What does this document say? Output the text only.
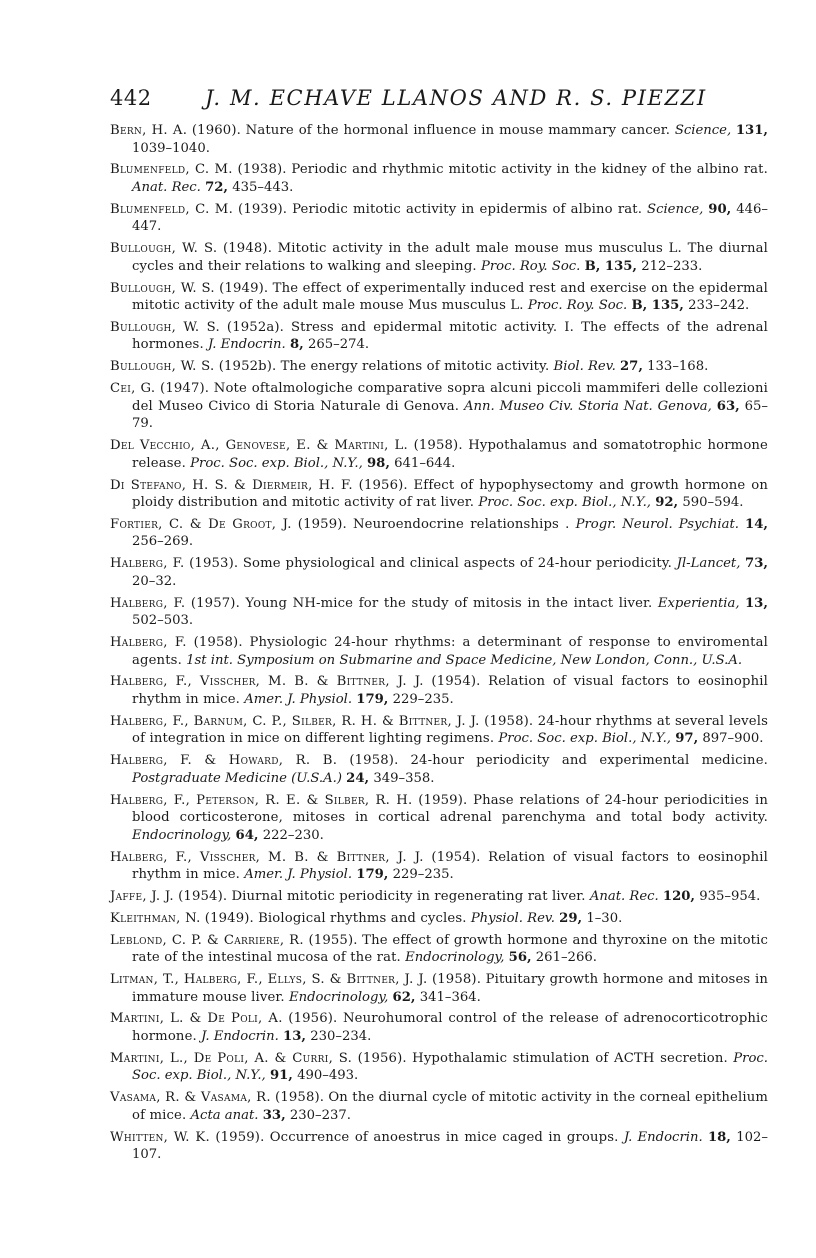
442	J. M. ECHAVE LLANOS AND R. S. PIEZZI
Bern, H. A. (1960). Nature of the hormonal influence in mouse mammary cancer. Science, 131, 1039–1040.
Blumenfeld, C. M. (1938). Periodic and rhythmic mitotic activity in the kidney of the albino rat. Anat. Rec. 72, 435–443.
Blumenfeld, C. M. (1939). Periodic mitotic activity in epidermis of albino rat. Science, 90, 446–447.
Bullough, W. S. (1948). Mitotic activity in the adult male mouse mus musculus L. The diurnal cycles and their relations to walking and sleeping. Proc. Roy. Soc. B, 135, 212–233.
Bullough, W. S. (1949). The effect of experimentally induced rest and exercise on the epidermal mitotic activity of the adult male mouse Mus musculus L. Proc. Roy. Soc. B, 135, 233–242.
Bullough, W. S. (1952a). Stress and epidermal mitotic activity. I. The effects of the adrenal hormones. J. Endocrin. 8, 265–274.
Bullough, W. S. (1952b). The energy relations of mitotic activity. Biol. Rev. 27, 133–168.
Cei, G. (1947). Note oftalmologiche comparative sopra alcuni piccoli mammiferi delle collezioni del Museo Civico di Storia Naturale di Genova. Ann. Museo Civ. Storia Nat. Genova, 63, 65–79.
Del Vecchio, A., Genovese, E. & Martini, L. (1958). Hypothalamus and somatotrophic hormone release. Proc. Soc. exp. Biol., N.Y., 98, 641–644.
Di Stefano, H. S. & Diermeir, H. F. (1956). Effect of hypophysectomy and growth hormone on ploidy distribution and mitotic activity of rat liver. Proc. Soc. exp. Biol., N.Y., 92, 590–594.
Fortier, C. & De Groot, J. (1959). Neuroendocrine relationships . Progr. Neurol. Psychiat. 14, 256–269.
Halberg, F. (1953). Some physiological and clinical aspects of 24-hour periodicity. Jl-Lancet, 73, 20–32.
Halberg, F. (1957). Young NH-mice for the study of mitosis in the intact liver. Experientia, 13, 502–503.
Halberg, F. (1958). Physiologic 24-hour rhythms: a determinant of response to enviromental agents. 1st int. Symposium on Submarine and Space Medicine, New London, Conn., U.S.A.
Halberg, F., Visscher, M. B. & Bittner, J. J. (1954). Relation of visual factors to eosinophil rhythm in mice. Amer. J. Physiol. 179, 229–235.
Halberg, F., Barnum, C. P., Silber, R. H. & Bittner, J. J. (1958). 24-hour rhythms at several levels of integration in mice on different lighting regimens. Proc. Soc. exp. Biol., N.Y., 97, 897–900.
Halberg, F. & Howard, R. B. (1958). 24-hour periodicity and experimental medicine. Postgraduate Medicine (U.S.A.) 24, 349–358.
Halberg, F., Peterson, R. E. & Silber, R. H. (1959). Phase relations of 24-hour periodicities in blood corticosterone, mitoses in cortical adrenal parenchyma and total body activity. Endocrinology, 64, 222–230.
Halberg, F., Visscher, M. B. & Bittner, J. J. (1954). Relation of visual factors to eosinophil rhythm in mice. Amer. J. Physiol. 179, 229–235.
Jaffe, J. J. (1954). Diurnal mitotic periodicity in regenerating rat liver. Anat. Rec. 120, 935–954.
Kleithman, N. (1949). Biological rhythms and cycles. Physiol. Rev. 29, 1–30.
Leblond, C. P. & Carriere, R. (1955). The effect of growth hormone and thyroxine on the mitotic rate of the intestinal mucosa of the rat. Endocrinology, 56, 261–266.
Litman, T., Halberg, F., Ellys, S. & Bittner, J. J. (1958). Pituitary growth hormone and mitoses in immature mouse liver. Endocrinology, 62, 341–364.
Martini, L. & De Poli, A. (1956). Neurohumoral control of the release of adrenocorticotrophic hormone. J. Endocrin. 13, 230–234.
Martini, L., De Poli, A. & Curri, S. (1956). Hypothalamic stimulation of ACTH secretion. Proc. Soc. exp. Biol., N.Y., 91, 490–493.
Vasama, R. & Vasama, R. (1958). On the diurnal cycle of mitotic activity in the corneal epithelium of mice. Acta anat. 33, 230–237.
Whitten, W. K. (1959). Occurrence of anoestrus in mice caged in groups. J. Endocrin. 18, 102–107.
